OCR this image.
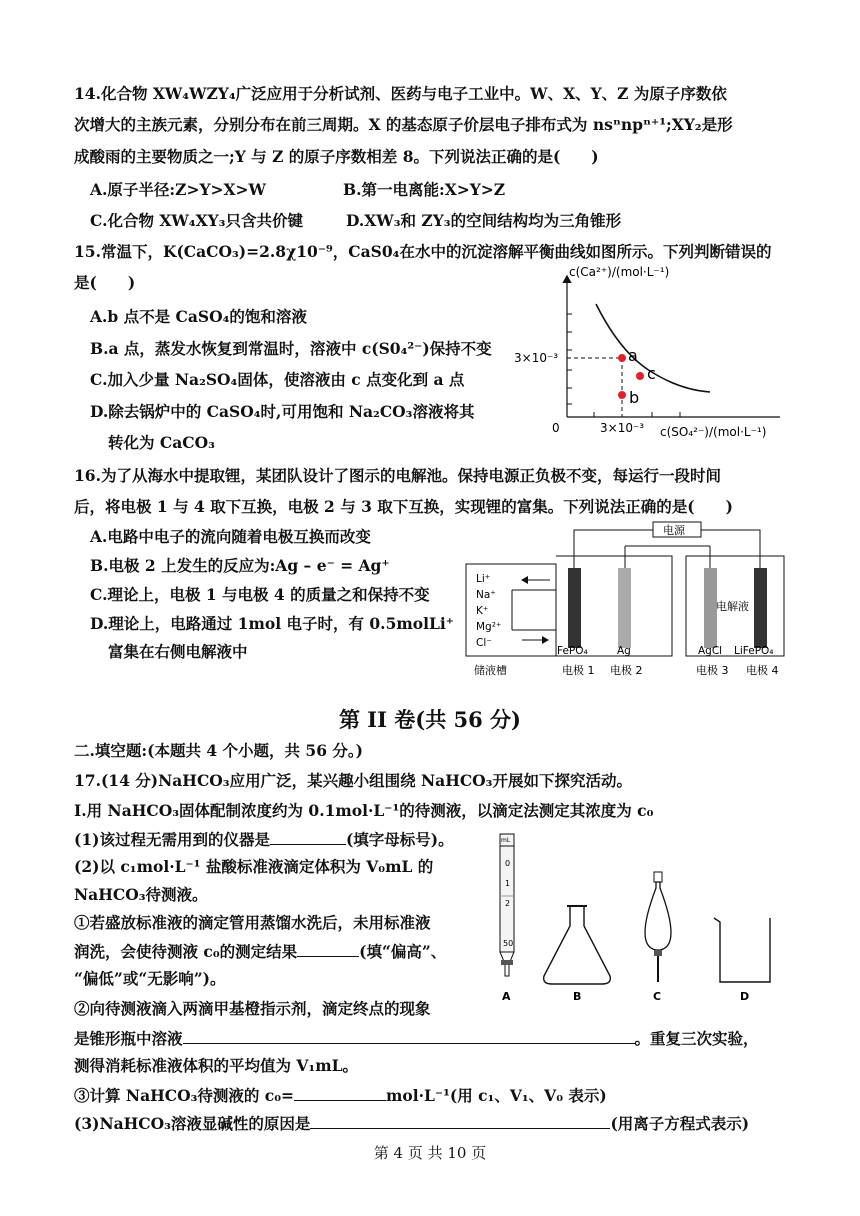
14.化合物 XW₄WZY₄广泛应用于分析试剂、医药与电子工业中。W、X、Y、Z 为原子序数依
次增大的主族元素，分别分布在前三周期。X 的基态原子价层电子排布式为 nsⁿnpⁿ⁺¹;XY₂是形
成酸雨的主要物质之一;Y 与 Z 的原子序数相差 8。下列说法正确的是(　　)
A.原子半径:Z>Y>X>W	B.第一电离能:X>Y>Z
C.化合物 XW₄XY₃只含共价键	D.XW₃和 ZY₃的空间结构均为三角锥形
15.常温下，K(CaCO₃)=2.8χ10⁻⁹，CaS0₄在水中的沉淀溶解平衡曲线如图所示。下列判断错误的
是(　　)
A.b 点不是 CaSO₄的饱和溶液
B.a 点，蒸发水恢复到常温时，溶液中 c(S0₄²⁻)保持不变
C.加入少量 Na₂SO₄固体，使溶液由 c 点变化到 a 点
D.除去锅炉中的 CaSO₄时,可用饱和 Na₂CO₃溶液将其
转化为 CaCO₃
c(Ca²⁺)/(mol·L⁻¹)
c(SO₄²⁻)/(mol·L⁻¹)
3×10⁻³
3×10⁻³
0
a
c
b
16.为了从海水中提取锂，某团队设计了图示的电解池。保持电源正负极不变，每运行一段时间
后，将电极 1 与 4 取下互换，电极 2 与 3 取下互换，实现锂的富集。下列说法正确的是(　　)
A.电路中电子的流向随着电极互换而改变
B.电极 2 上发生的反应为:Ag – e⁻ = Ag⁺
C.理论上，电极 1 与电极 4 的质量之和保持不变
D.理论上，电路通过 1mol 电子时，有 0.5molLi⁺
富集在右侧电解液中
电源
Li⁺
Na⁺
K⁺
Mg²⁺
Cl⁻
电解液
FePO₄	Ag	AgCl LiFePO₄
储液槽	电极 1 电极 2	电极 3 电极 4
第 II 卷(共 56 分)
二.填空题:(本题共 4 个小题，共 56 分。)
17.(14 分)NaHCO₃应用广泛，某兴趣小组围绕 NaHCO₃开展如下探究活动。
I.用 NaHCO₃固体配制浓度约为 0.1mol·L⁻¹的待测液，以滴定法测定其浓度为 c₀
(1)该过程无需用到的仪器是	(填字母标号)。
(2)以 c₁mol·L⁻¹ 盐酸标准液滴定体积为 V₀mL 的
NaHCO₃待测液。
①若盛放标准液的滴定管用蒸馏水洗后，未用标准液
润洗，会使待测液 c₀的测定结果	(填“偏高”、
“偏低”或“无影响”)。
②向待测液滴入两滴甲基橙指示剂，滴定终点的现象
是锥形瓶中溶液	。重复三次实验，
测得消耗标准液体积的平均值为 V₁mL。
③计算 NaHCO₃待测液的 c₀=	mol·L⁻¹(用 c₁、V₁、V₀ 表示)
(3)NaHCO₃溶液显碱性的原因是	(用离子方程式表示)
mL
0
1
2
50
A	B	C	D
第 4 页 共 10 页
